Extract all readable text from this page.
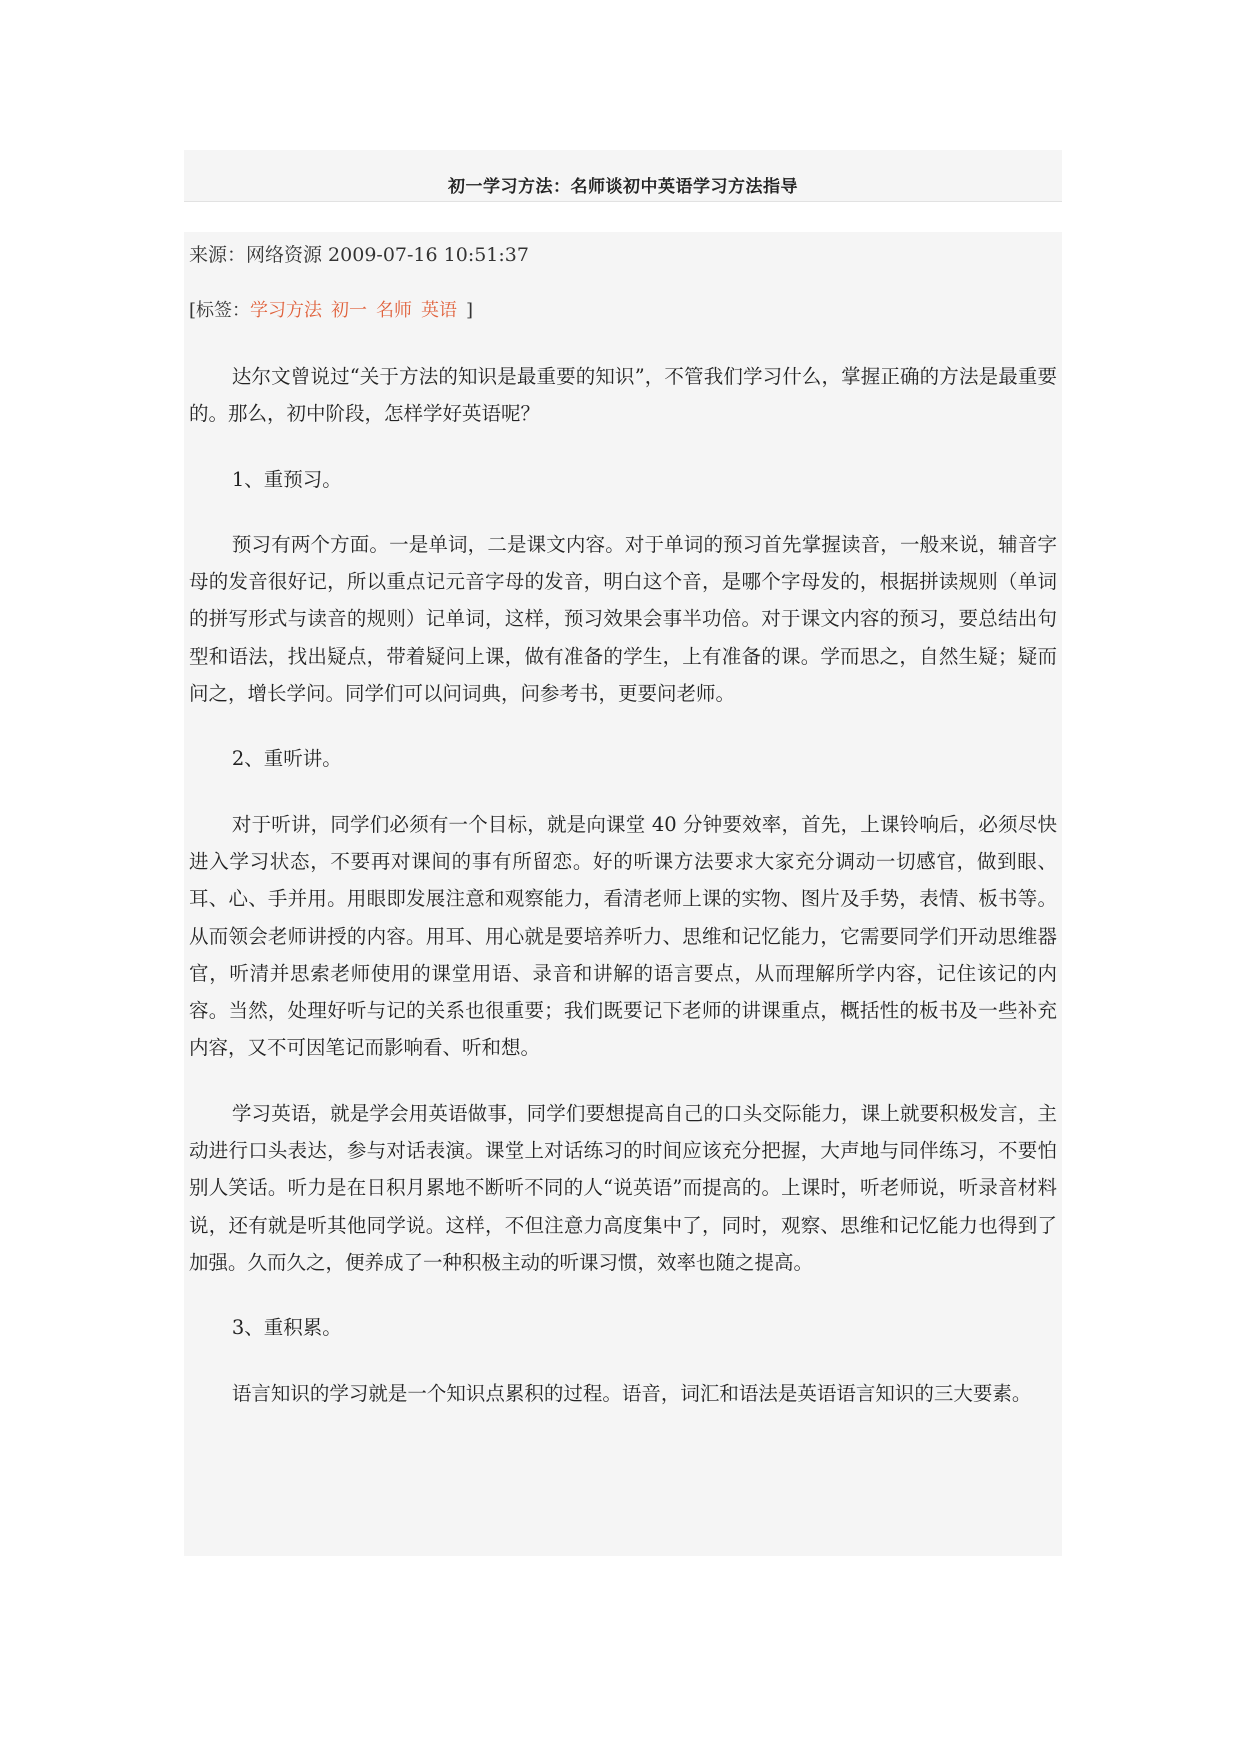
初一学习方法：名师谈初中英语学习方法指导
来源：网络资源 2009-07-16 10:51:37
[标签：学习方法 初一 名师 英语 ]

达尔文曾说过“关于方法的知识是最重要的知识”，不管我们学习什么，掌握正确的方法是最重要的。那么，初中阶段，怎样学好英语呢？

1、重预习。

预习有两个方面。一是单词，二是课文内容。对于单词的预习首先掌握读音，一般来说，辅音字母的发音很好记，所以重点记元音字母的发音，明白这个音，是哪个字母发的，根据拼读规则（单词的拼写形式与读音的规则）记单词，这样，预习效果会事半功倍。对于课文内容的预习，要总结出句型和语法，找出疑点，带着疑问上课，做有准备的学生，上有准备的课。学而思之，自然生疑；疑而问之，增长学问。同学们可以问词典，问参考书，更要问老师。

2、重听讲。

对于听讲，同学们必须有一个目标，就是向课堂 40 分钟要效率，首先，上课铃响后，必须尽快进入学习状态，不要再对课间的事有所留恋。好的听课方法要求大家充分调动一切感官，做到眼、耳、心、手并用。用眼即发展注意和观察能力，看清老师上课的实物、图片及手势，表情、板书等。从而领会老师讲授的内容。用耳、用心就是要培养听力、思维和记忆能力，它需要同学们开动思维器官，听清并思索老师使用的课堂用语、录音和讲解的语言要点，从而理解所学内容，记住该记的内容。当然，处理好听与记的关系也很重要；我们既要记下老师的讲课重点，概括性的板书及一些补充内容，又不可因笔记而影响看、听和想。

学习英语，就是学会用英语做事，同学们要想提高自己的口头交际能力，课上就要积极发言，主动进行口头表达，参与对话表演。课堂上对话练习的时间应该充分把握，大声地与同伴练习，不要怕别人笑话。听力是在日积月累地不断听不同的人“说英语”而提高的。上课时，听老师说，听录音材料说，还有就是听其他同学说。这样，不但注意力高度集中了，同时，观察、思维和记忆能力也得到了加强。久而久之，便养成了一种积极主动的听课习惯，效率也随之提高。

3、重积累。

语言知识的学习就是一个知识点累积的过程。语音，词汇和语法是英语语言知识的三大要素。
